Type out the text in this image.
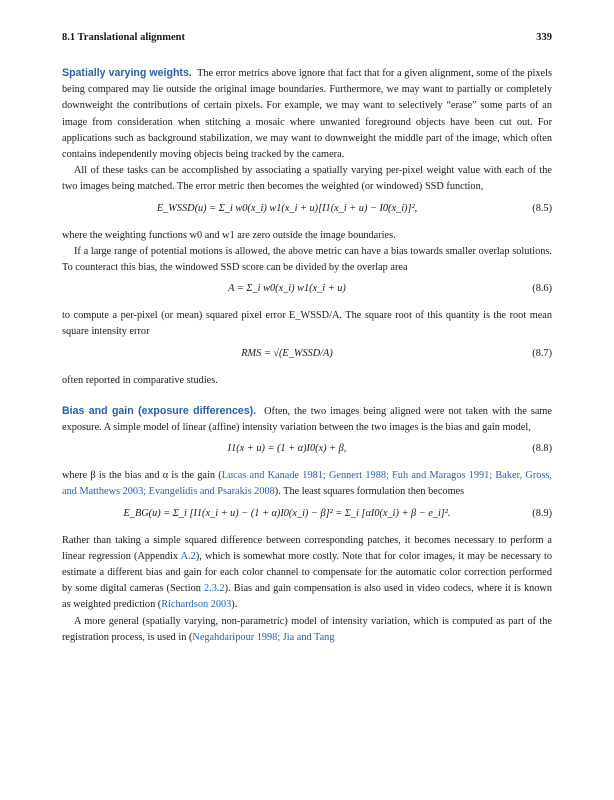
8.1 Translational alignment	339

Spatially varying weights. The error metrics above ignore that fact that for a given alignment, some of the pixels being compared may lie outside the original image boundaries. Furthermore, we may want to partially or completely downweight the contributions of certain pixels. For example, we may want to selectively “erase” some parts of an image from consideration when stitching a mosaic where unwanted foreground objects have been cut out. For applications such as background stabilization, we may want to downweight the middle part of the image, which often contains independently moving objects being tracked by the camera.

All of these tasks can be accomplished by associating a spatially varying per-pixel weight value with each of the two images being matched. The error metric then becomes the weighted (or windowed) SSD function,

E_WSSD(u) = Σ_i w0(x_i) w1(x_i + u)[I1(x_i + u) − I0(x_i)]²,	(8.5)

where the weighting functions w0 and w1 are zero outside the image boundaries.

If a large range of potential motions is allowed, the above metric can have a bias towards smaller overlap solutions. To counteract this bias, the windowed SSD score can be divided by the overlap area

A = Σ_i w0(x_i) w1(x_i + u)	(8.6)

to compute a per-pixel (or mean) squared pixel error E_WSSD/A. The square root of this quantity is the root mean square intensity error

RMS = √(E_WSSD/A)	(8.7)

often reported in comparative studies.

Bias and gain (exposure differences). Often, the two images being aligned were not taken with the same exposure. A simple model of linear (affine) intensity variation between the two images is the bias and gain model,

I1(x + u) = (1 + α)I0(x) + β,	(8.8)

where β is the bias and α is the gain (Lucas and Kanade 1981; Gennert 1988; Fuh and Maragos 1991; Baker, Gross, and Matthews 2003; Evangelidis and Psarakis 2008). The least squares formulation then becomes

E_BG(u) = Σ_i [I1(x_i + u) − (1 + α)I0(x_i) − β]² = Σ_i [αI0(x_i) + β − e_i]².	(8.9)

Rather than taking a simple squared difference between corresponding patches, it becomes necessary to perform a linear regression (Appendix A.2), which is somewhat more costly. Note that for color images, it may be necessary to estimate a different bias and gain for each color channel to compensate for the automatic color correction performed by some digital cameras (Section 2.3.2). Bias and gain compensation is also used in video codecs, where it is known as weighted prediction (Richardson 2003).

A more general (spatially varying, non-parametric) model of intensity variation, which is computed as part of the registration process, is used in (Negahdaripour 1998; Jia and Tang
